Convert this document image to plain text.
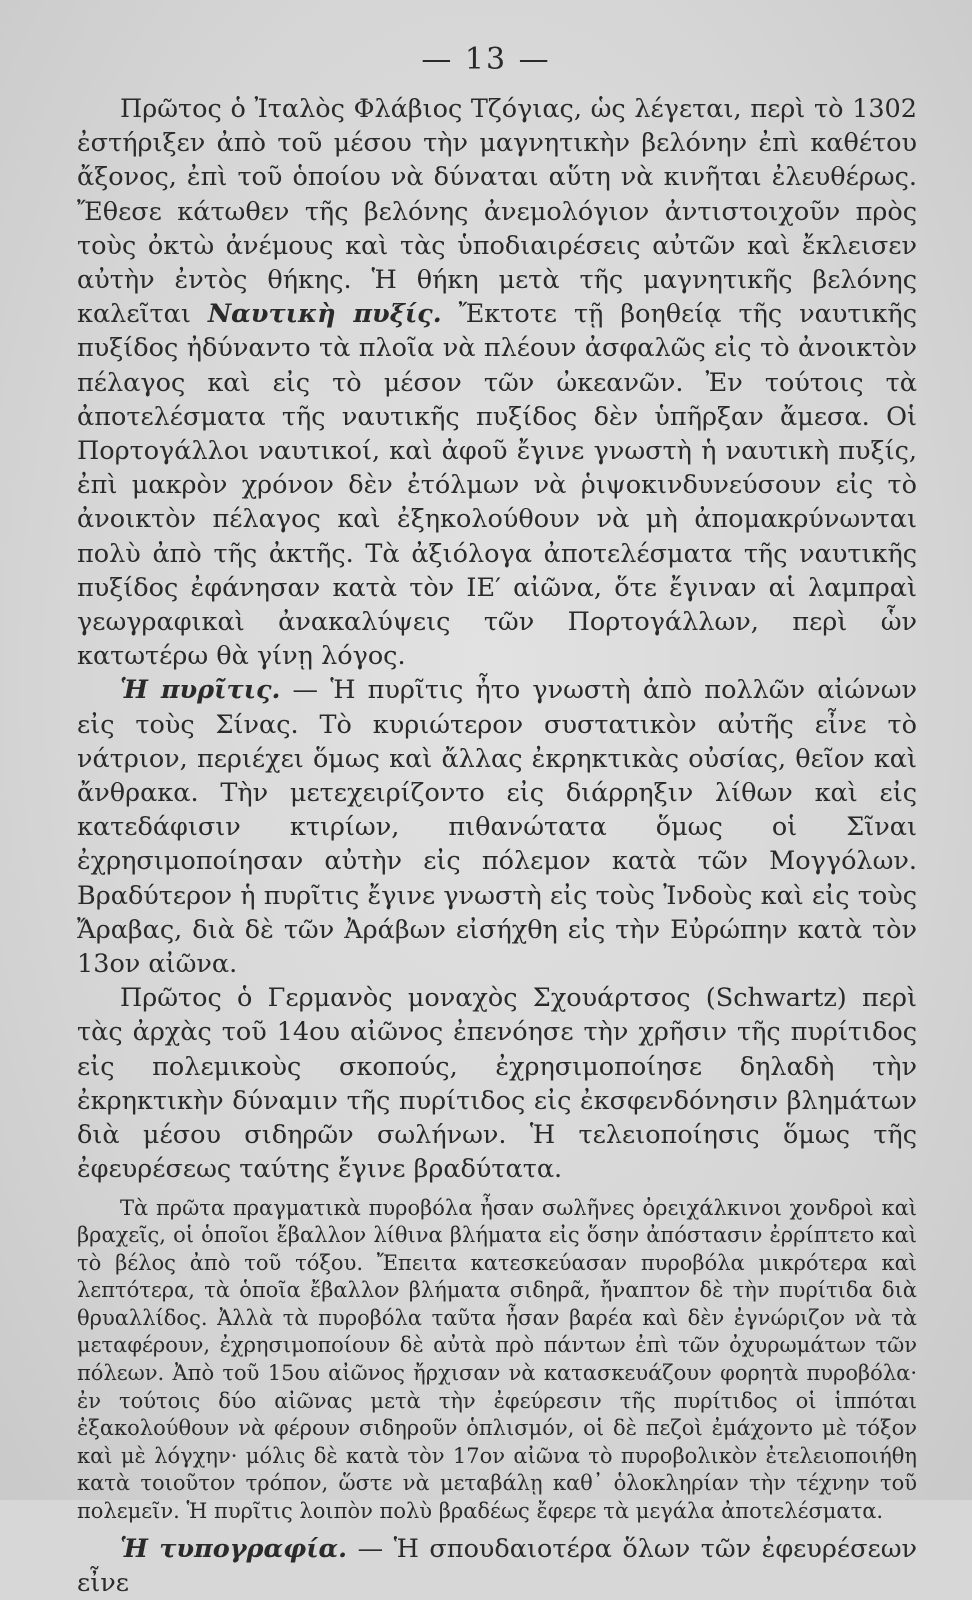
— 13 —

Πρῶτος ὁ Ἰταλὸς Φλάβιος Τζόγιας, ὡς λέγεται, περὶ τὸ 1302 ἐστήριξεν ἀπὸ τοῦ μέσου τὴν μαγνητικὴν βελόνην ἐπὶ καθέτου ἄξονος, ἐπὶ τοῦ ὁποίου νὰ δύναται αὕτη νὰ κινῆται ἐλευθέρως. Ἔθεσε κάτωθεν τῆς βελόνης ἀνεμολόγιον ἀντιστοιχοῦν πρὸς τοὺς ὀκτὼ ἀνέμους καὶ τὰς ὑποδιαιρέσεις αὐτῶν καὶ ἔκλεισεν αὐτὴν ἐντὸς θήκης. Ἡ θήκη μετὰ τῆς μαγνητικῆς βελόνης καλεῖται Ναυτικὴ πυξίς. Ἔκτοτε τῇ βοηθείᾳ τῆς ναυτικῆς πυξίδος ἠδύναντο τὰ πλοῖα νὰ πλέουν ἀσφαλῶς εἰς τὸ ἀνοικτὸν πέλαγος καὶ εἰς τὸ μέσον τῶν ὠκεανῶν. Ἐν τούτοις τὰ ἀποτελέσματα τῆς ναυτικῆς πυξίδος δὲν ὑπῆρξαν ἄμεσα. Οἱ Πορτογάλλοι ναυτικοί, καὶ ἀφοῦ ἔγινε γνωστὴ ἡ ναυτικὴ πυξίς, ἐπὶ μακρὸν χρόνον δὲν ἐτόλμων νὰ ῥιψοκινδυνεύσουν εἰς τὸ ἀνοικτὸν πέλαγος καὶ ἐξηκολούθουν νὰ μὴ ἀπομακρύνωνται πολὺ ἀπὸ τῆς ἀκτῆς. Τὰ ἀξιόλογα ἀποτελέσματα τῆς ναυτικῆς πυξίδος ἐφάνησαν κατὰ τὸν ΙΕ′ αἰῶνα, ὅτε ἔγιναν αἱ λαμπραὶ γεωγραφικαὶ ἀνακαλύψεις τῶν Πορτογάλλων, περὶ ὧν κατωτέρω θὰ γίνῃ λόγος.

Ἡ πυρῖτις. — Ἡ πυρῖτις ἦτο γνωστὴ ἀπὸ πολλῶν αἰώνων εἰς τοὺς Σίνας. Τὸ κυριώτερον συστατικὸν αὐτῆς εἶνε τὸ νάτριον, περιέχει ὅμως καὶ ἄλλας ἐκρηκτικὰς οὐσίας, θεῖον καὶ ἄνθρακα. Τὴν μετεχειρίζοντο εἰς διάρρηξιν λίθων καὶ εἰς κατεδάφισιν κτιρίων, πιθανώτατα ὅμως οἱ Σῖναι ἐχρησιμοποίησαν αὐτὴν εἰς πόλεμον κατὰ τῶν Μογγόλων. Βραδύτερον ἡ πυρῖτις ἔγινε γνωστὴ εἰς τοὺς Ἰνδοὺς καὶ εἰς τοὺς Ἄραβας, διὰ δὲ τῶν Ἀράβων εἰσήχθη εἰς τὴν Εὐρώπην κατὰ τὸν 13ον αἰῶνα.

Πρῶτος ὁ Γερμανὸς μοναχὸς Σχουάρτσος (Schwartz) περὶ τὰς ἀρχὰς τοῦ 14ου αἰῶνος ἐπενόησε τὴν χρῆσιν τῆς πυρίτιδος εἰς πολεμικοὺς σκοπούς, ἐχρησιμοποίησε δηλαδὴ τὴν ἐκρηκτικὴν δύναμιν τῆς πυρίτιδος εἰς ἐκσφενδόνησιν βλημάτων διὰ μέσου σιδηρῶν σωλήνων. Ἡ τελειοποίησις ὅμως τῆς ἐφευρέσεως ταύτης ἔγινε βραδύτατα.

Τὰ πρῶτα πραγματικὰ πυροβόλα ἦσαν σωλῆνες ὀρειχάλκινοι χονδροὶ καὶ βραχεῖς, οἱ ὁποῖοι ἔβαλλον λίθινα βλήματα εἰς ὅσην ἀπόστασιν ἐρρίπτετο καὶ τὸ βέλος ἀπὸ τοῦ τόξου. Ἔπειτα κατεσκεύασαν πυροβόλα μικρότερα καὶ λεπτότερα, τὰ ὁποῖα ἔβαλλον βλήματα σιδηρᾶ, ἤναπτον δὲ τὴν πυρίτιδα διὰ θρυαλλίδος. Ἀλλὰ τὰ πυροβόλα ταῦτα ἦσαν βαρέα καὶ δὲν ἐγνώριζον νὰ τὰ μεταφέρουν, ἐχρησιμοποίουν δὲ αὐτὰ πρὸ πάντων ἐπὶ τῶν ὀχυρωμάτων τῶν πόλεων. Ἀπὸ τοῦ 15ου αἰῶνος ἤρχισαν νὰ κατασκευάζουν φορητὰ πυροβόλα· ἐν τούτοις δύο αἰῶνας μετὰ τὴν ἐφεύρεσιν τῆς πυρίτιδος οἱ ἱππόται ἐξακολούθουν νὰ φέρουν σιδηροῦν ὁπλισμόν, οἱ δὲ πεζοὶ ἐμάχοντο μὲ τόξον καὶ μὲ λόγχην· μόλις δὲ κατὰ τὸν 17ον αἰῶνα τὸ πυροβολικὸν ἐτελειοποιήθη κατὰ τοιοῦτον τρόπον, ὥστε νὰ μεταβάλῃ καθ᾽ ὁλοκληρίαν τὴν τέχνην τοῦ πολεμεῖν. Ἡ πυρῖτις λοιπὸν πολὺ βραδέως ἔφερε τὰ μεγάλα ἀποτελέσματα.

Ἡ τυπογραφία. — Ἡ σπουδαιοτέρα ὅλων τῶν ἐφευρέσεων εἶνε
